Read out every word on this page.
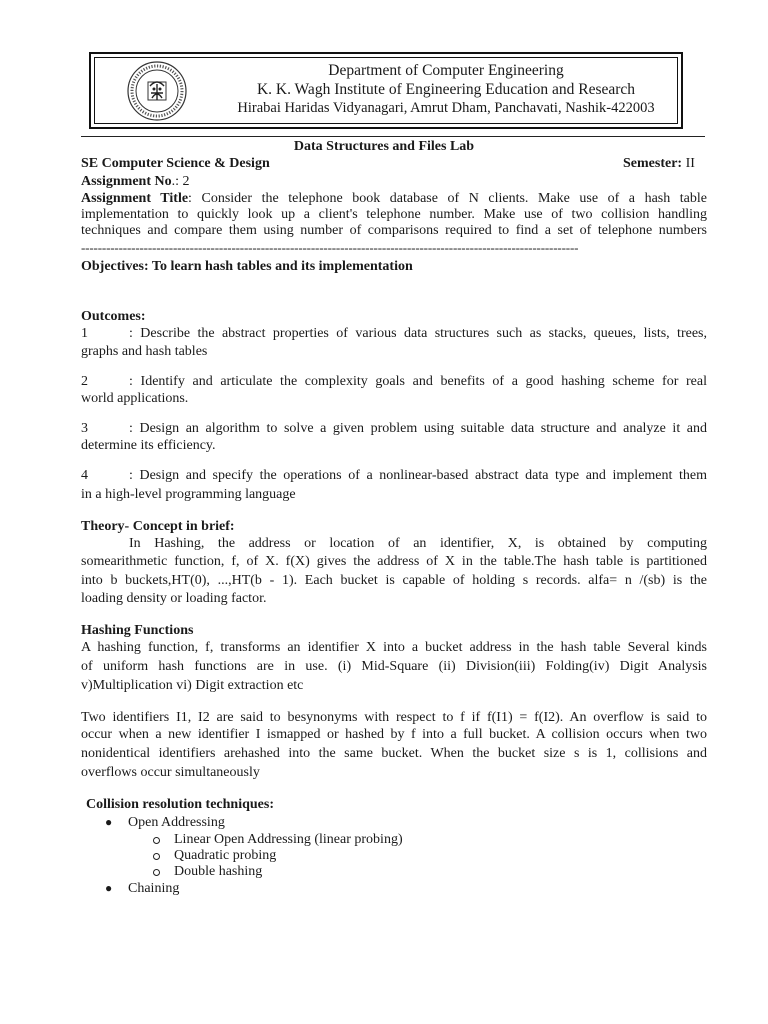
Department of Computer Engineering
K. K. Wagh Institute of Engineering Education and Research
Hirabai Haridas Vidyanagari, Amrut Dham, Panchavati, Nashik-422003
Data Structures and Files Lab
SE Computer Science & Design	Semester: II
Assignment No.: 2
Assignment Title: Consider the telephone book database of N clients. Make use of a hash table
implementation to quickly look up a client's telephone number. Make use of two collision handling
techniques and compare them using number of comparisons required to find a set of telephone numbers
-----------------------------------------------------------------------------------------------------------------------
Objectives: To learn hash tables and its implementation
Outcomes:
1	: Describe the abstract properties of various data structures such as stacks, queues, lists, trees,
graphs and hash tables
2	: Identify and articulate the complexity goals and benefits of a good hashing scheme for real
world applications.
3	: Design an algorithm to solve a given problem using suitable data structure and analyze it and
determine its efficiency.
4	: Design and specify the operations of a nonlinear-based abstract data type and implement them
in a high-level programming language
Theory- Concept in brief:
In Hashing, the address or location of an identifier, X, is obtained by computing
somearithmetic function, f, of X. f(X) gives the address of X in the table.The hash table is partitioned
into b buckets,HT(0), ...,HT(b - 1). Each bucket is capable of holding s records. alfa= n /(sb) is the
loading density or loading factor.
Hashing Functions
A hashing function, f, transforms an identifier X into a bucket address in the hash table Several kinds
of uniform hash functions are in use. (i) Mid-Square (ii) Division(iii) Folding(iv) Digit Analysis
v)Multiplication vi) Digit extraction etc
Two identifiers I1, I2 are said to besynonyms with respect to f if f(I1) = f(I2). An overflow is said to
occur when a new identifier I ismapped or hashed by f into a full bucket. A collision occurs when two
nonidentical identifiers arehashed into the same bucket. When the bucket size s is 1, collisions and
overflows occur simultaneously
Collision resolution techniques:
● Open Addressing
Linear Open Addressing (linear probing)
Quadratic probing
Double hashing
● Chaining
